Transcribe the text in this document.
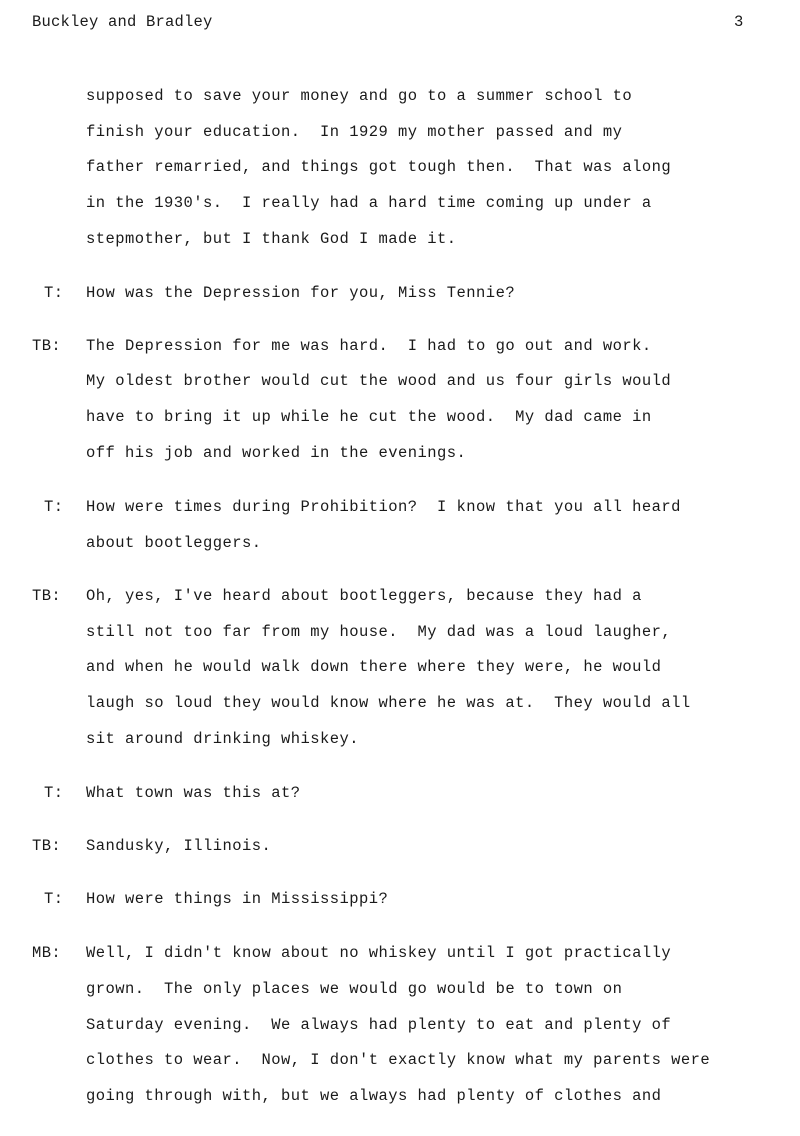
Buckley and Bradley	3
supposed to save your money and go to a summer school to
finish your education.  In 1929 my mother passed and my
father remarried, and things got tough then.  That was along
in the 1930's.  I really had a hard time coming up under a
stepmother, but I thank God I made it.
T: How was the Depression for you, Miss Tennie?
TB: The Depression for me was hard.  I had to go out and work.
My oldest brother would cut the wood and us four girls would
have to bring it up while he cut the wood.  My dad came in
off his job and worked in the evenings.
T: How were times during Prohibition?  I know that you all heard
about bootleggers.
TB: Oh, yes, I've heard about bootleggers, because they had a
still not too far from my house.  My dad was a loud laugher,
and when he would walk down there where they were, he would
laugh so loud they would know where he was at.  They would all
sit around drinking whiskey.
T: What town was this at?
TB: Sandusky, Illinois.
T: How were things in Mississippi?
MB: Well, I didn't know about no whiskey until I got practically
grown.  The only places we would go would be to town on
Saturday evening.  We always had plenty to eat and plenty of
clothes to wear.  Now, I don't exactly know what my parents were
going through with, but we always had plenty of clothes and
